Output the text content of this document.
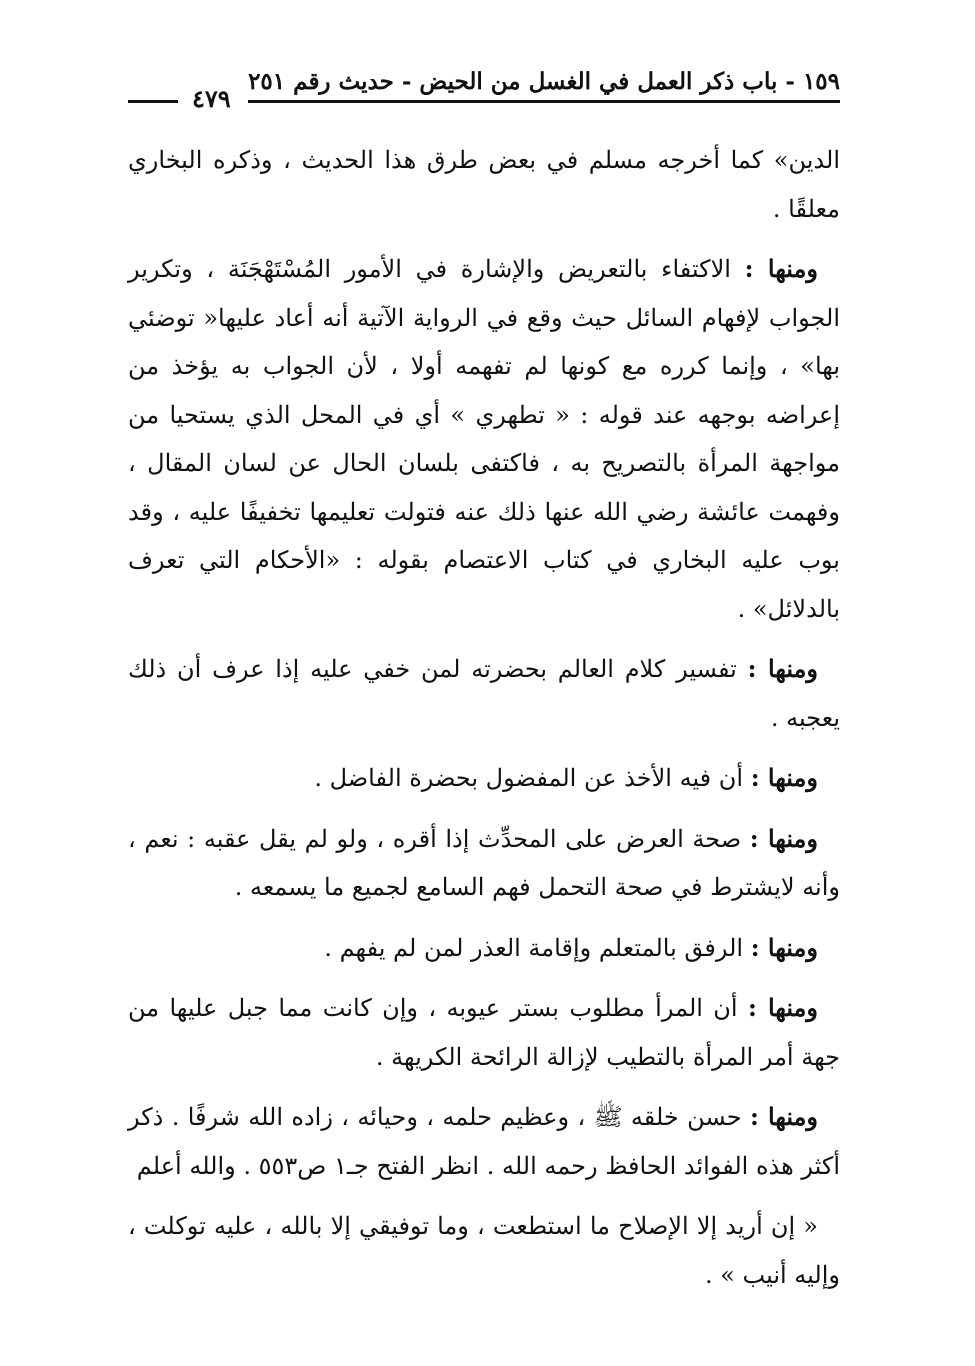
١٥٩ - باب ذكر العمل في الغسل من الحيض - حديث رقم ٢٥١
٤٧٩

الدين» كما أخرجه مسلم في بعض طرق هذا الحديث ، وذكره البخاري معلقًا .

ومنها : الاكتفاء بالتعريض والإشارة في الأمور المُسْتَهْجَنَة ، وتكرير الجواب لإفهام السائل حيث وقع في الرواية الآتية أنه أعاد عليها« توضئي بها» ، وإنما كرره مع كونها لم تفهمه أولا ، لأن الجواب به يؤخذ من إعراضه بوجهه عند قوله : « تطهري » أي في المحل الذي يستحيا من مواجهة المرأة بالتصريح به ، فاكتفى بلسان الحال عن لسان المقال ، وفهمت عائشة رضي الله عنها ذلك عنه فتولت تعليمها تخفيفًا عليه ، وقد بوب عليه البخاري في كتاب الاعتصام بقوله : «الأحكام التي تعرف بالدلائل» .

ومنها : تفسير كلام العالم بحضرته لمن خفي عليه إذا عرف أن ذلك يعجبه .

ومنها : أن فيه الأخذ عن المفضول بحضرة الفاضل .

ومنها : صحة العرض على المحدِّث إذا أقره ، ولو لم يقل عقبه : نعم ، وأنه لايشترط في صحة التحمل فهم السامع لجميع ما يسمعه .

ومنها : الرفق بالمتعلم وإقامة العذر لمن لم يفهم .

ومنها : أن المرأ مطلوب بستر عيوبه ، وإن كانت مما جبل عليها من جهة أمر المرأة بالتطيب لإزالة الرائحة الكريهة .

ومنها : حسن خلقه ﷺ ، وعظيم حلمه ، وحيائه ، زاده الله شرفًا . ذكر أكثر هذه الفوائد الحافظ رحمه الله . انظر الفتح جـ١ ص٥٥٣ . والله أعلم

« إن أريد إلا الإصلاح ما استطعت ، وما توفيقي إلا بالله ، عليه توكلت ، وإليه أنيب » .
